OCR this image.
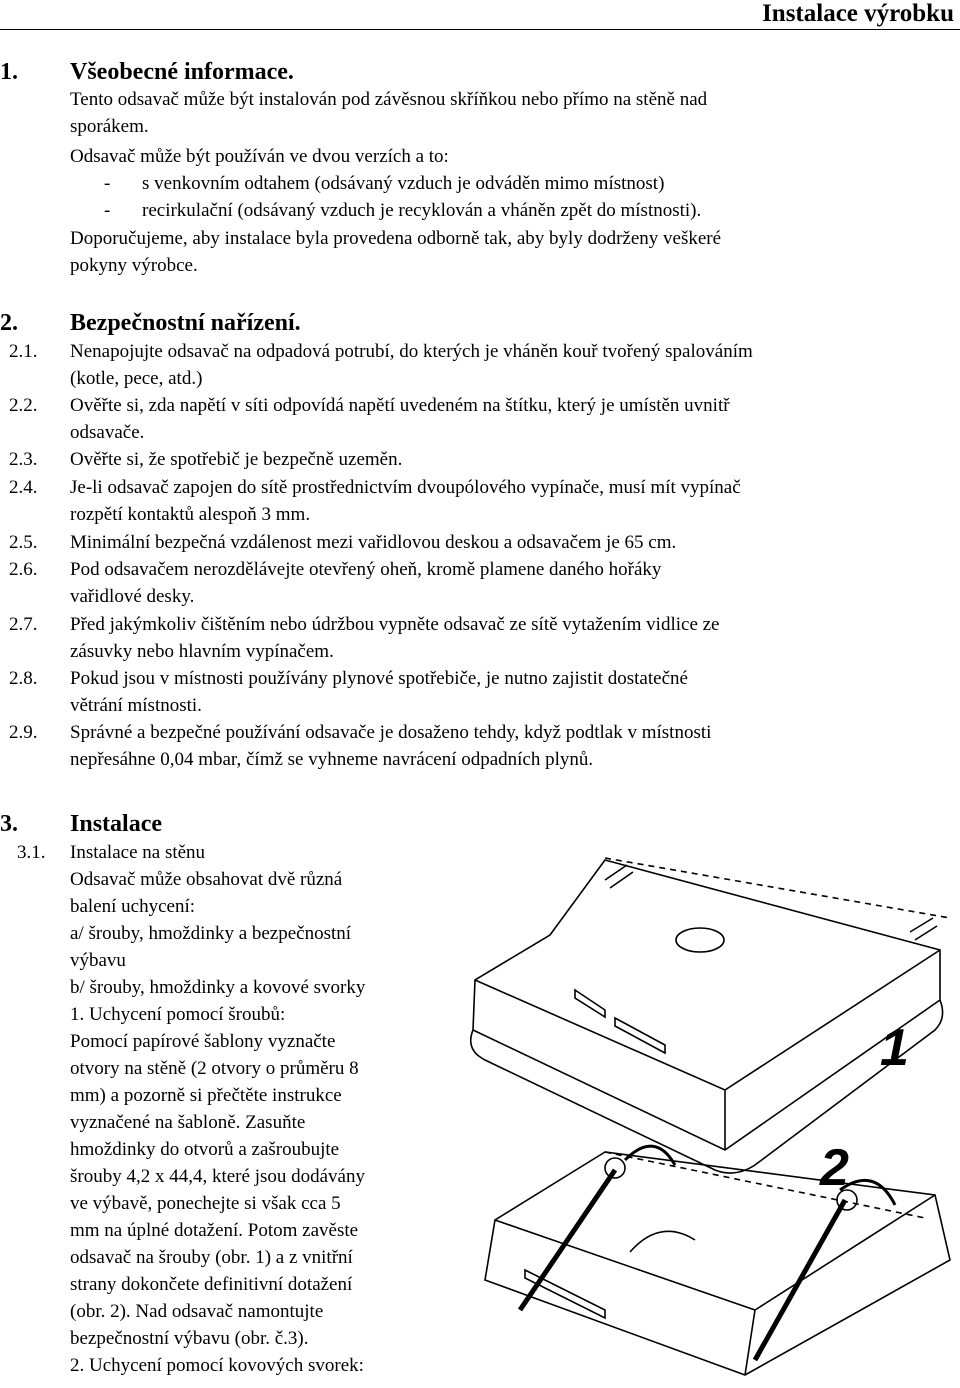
Instalace výrobku
1. Všeobecné informace.
Tento odsavač může být instalován pod závěsnou skříňkou nebo přímo na stěně nad
sporákem.
Odsavač může být používán ve dvou verzích a to:
- s venkovním odtahem (odsávaný vzduch je odváděn mimo místnost)
- recirkulační (odsávaný vzduch je recyklován a vháněn zpět do místnosti).
Doporučujeme, aby instalace byla provedena odborně tak, aby byly dodrženy veškeré
pokyny výrobce.
2. Bezpečnostní nařízení.
2.1. Nenapojujte odsavač na odpadová potrubí, do kterých je vháněn kouř tvořený spalováním
(kotle, pece, atd.)
2.2. Ověřte si, zda napětí v síti odpovídá napětí uvedeném na štítku, který je umístěn uvnitř
odsavače.
2.3. Ověřte si, že spotřebič je bezpečně uzeměn.
2.4. Je-li odsavač zapojen do sítě prostřednictvím dvoupólového vypínače, musí mít vypínač
rozpětí kontaktů alespoň 3 mm.
2.5. Minimální bezpečná vzdálenost mezi vařidlovou deskou a odsavačem je 65 cm.
2.6. Pod odsavačem nerozdělávejte otevřený oheň, kromě plamene daného hořáky
vařidlové desky.
2.7. Před jakýmkoliv čištěním nebo údržbou vypněte odsavač ze sítě vytažením vidlice ze
zásuvky nebo hlavním vypínačem.
2.8. Pokud jsou v místnosti používány plynové spotřebiče, je nutno zajistit dostatečné
větrání místnosti.
2.9. Správné a bezpečné používání odsavače je dosaženo tehdy, když podtlak v místnosti
nepřesáhne 0,04 mbar, čímž se vyhneme navrácení odpadních plynů.
3. Instalace
3.1. Instalace na stěnu
Odsavač může obsahovat dvě různá
balení uchycení:
a/ šrouby, hmoždinky a bezpečnostní
výbavu
b/ šrouby, hmoždinky a kovové svorky
1. Uchycení pomocí šroubů:
Pomocí papírové šablony vyznačte
otvory na stěně (2 otvory o průměru 8
mm) a pozorně si přečtěte instrukce
vyznačené na šabloně. Zasuňte
hmoždinky do otvorů a zašroubujte
šrouby 4,2 x 44,4, které jsou dodávány
ve výbavě, ponechejte si však cca 5
mm na úplné dotažení. Potom zavěste
odsavač na šrouby (obr. 1) a z vnitřní
strany dokončete definitivní dotažení
(obr. 2). Nad odsavač namontujte
bezpečnostní výbavu (obr. č.3).
2. Uchycení pomocí kovových svorek:
1
2
